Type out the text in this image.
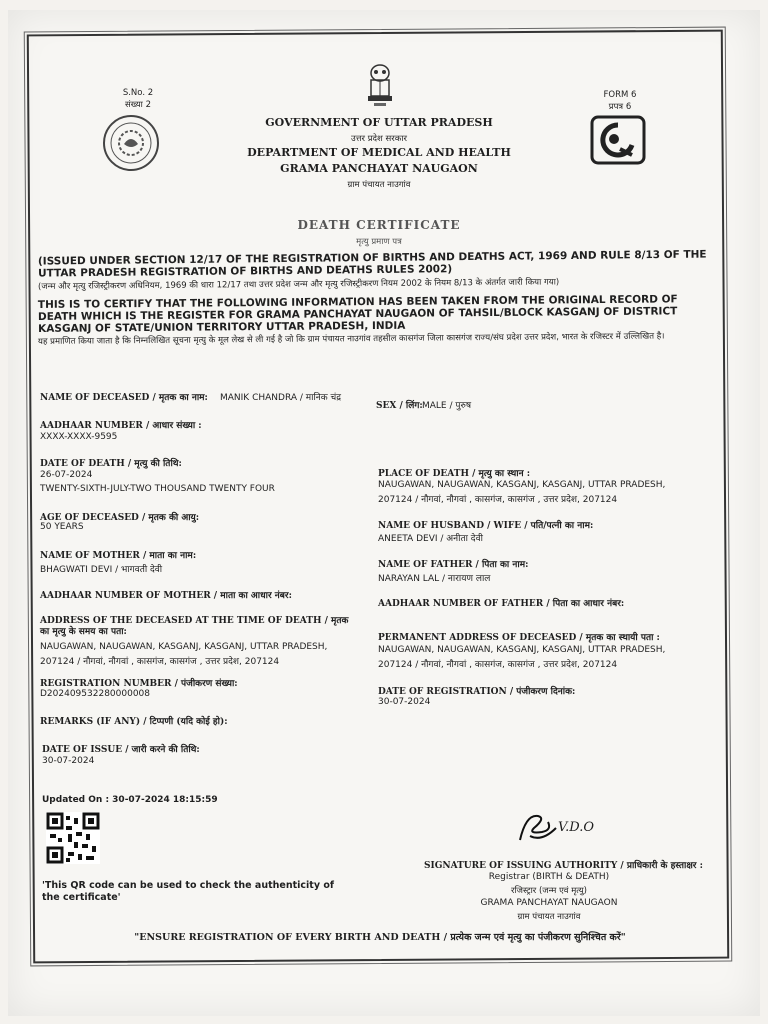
S.No. 2
संख्या 2
FORM 6
प्रपत्र 6
GOVERNMENT OF UTTAR PRADESH
उत्तर प्रदेश सरकार
DEPARTMENT OF MEDICAL AND HEALTH
GRAMA PANCHAYAT NAUGAON
ग्राम पंचायत नाउगांव
DEATH CERTIFICATE
मृत्यु प्रमाण पत्र
(ISSUED UNDER SECTION 12/17 OF THE REGISTRATION OF BIRTHS AND DEATHS ACT, 1969 AND RULE 8/13 OF THE UTTAR PRADESH REGISTRATION OF BIRTHS AND DEATHS RULES 2002)
(जन्म और मृत्यु रजिस्ट्रीकरण अधिनियम, 1969 की धारा 12/17 तथा उत्तर प्रदेश जन्म और मृत्यु रजिस्ट्रीकरण नियम 2002 के नियम 8/13 के अंतर्गत जारी किया गया)
THIS IS TO CERTIFY THAT THE FOLLOWING INFORMATION HAS BEEN TAKEN FROM THE ORIGINAL RECORD OF DEATH WHICH IS THE REGISTER FOR GRAMA PANCHAYAT NAUGAON OF TAHSIL/BLOCK KASGANJ OF DISTRICT KASGANJ OF STATE/UNION TERRITORY UTTAR PRADESH, INDIA
यह प्रमाणित किया जाता है कि निम्नलिखित सूचना मृत्यु के मूल लेख से ली गई है जो कि ग्राम पंचायत नाउगांव तहसील कासगंज जिला कासगंज राज्य/संघ प्रदेश उत्तर प्रदेश, भारत के रजिस्टर में उल्लिखित है।
NAME OF DECEASED / मृतक का नाम: MANIK CHANDRA / मानिक चंद्र
SEX / लिंग: MALE / पुरुष
AADHAAR NUMBER / आधार संख्या :
XXXX-XXXX-9595
DATE OF DEATH / मृत्यु की तिथि:
26-07-2024
TWENTY-SIXTH-JULY-TWO THOUSAND TWENTY FOUR
PLACE OF DEATH / मृत्यु का स्थान :
NAUGAWAN, NAUGAWAN, KASGANJ, KASGANJ, UTTAR PRADESH,
207124 / नौगवां, नौगवां , कासगंज, कासगंज , उत्तर प्रदेश, 207124
AGE OF DECEASED / मृतक की आयु:
50 YEARS	NAME OF HUSBAND / WIFE / पति/पत्नी का नाम:
ANEETA DEVI / अनीता देवी
NAME OF MOTHER / माता का नाम:
BHAGWATI DEVI / भागवती देवी	NAME OF FATHER / पिता का नाम:
NARAYAN LAL / नारायण लाल
AADHAAR NUMBER OF MOTHER / माता का आधार नंबर:
AADHAAR NUMBER OF FATHER / पिता का आधार नंबर:
ADDRESS OF THE DECEASED AT THE TIME OF DEATH / मृतक का मृत्यु के समय का पता:
NAUGAWAN, NAUGAWAN, KASGANJ, KASGANJ, UTTAR PRADESH,
207124 / नौगवां, नौगवां , कासगंज, कासगंज , उत्तर प्रदेश, 207124
PERMANENT ADDRESS OF DECEASED / मृतक का स्थायी पता :
NAUGAWAN, NAUGAWAN, KASGANJ, KASGANJ, UTTAR PRADESH,
207124 / नौगवां, नौगवां , कासगंज, कासगंज , उत्तर प्रदेश, 207124
REGISTRATION NUMBER / पंजीकरण संख्या:
D202409532280000008	DATE OF REGISTRATION / पंजीकरण दिनांक:
30-07-2024
REMARKS (IF ANY) / टिप्पणी (यदि कोई हो):
DATE OF ISSUE / जारी करने की तिथि:
30-07-2024
Updated On : 30-07-2024 18:15:59
'This QR code can be used to check the authenticity of the certificate'
V.D.O
SIGNATURE OF ISSUING AUTHORITY / प्राधिकारी के हस्ताक्षर :
Registrar (BIRTH & DEATH)
रजिस्ट्रार (जन्म एवं मृत्यु)
GRAMA PANCHAYAT NAUGAON
ग्राम पंचायत नाउगांव
"ENSURE REGISTRATION OF EVERY BIRTH AND DEATH / प्रत्येक जन्म एवं मृत्यु का पंजीकरण सुनिश्चित करें"
